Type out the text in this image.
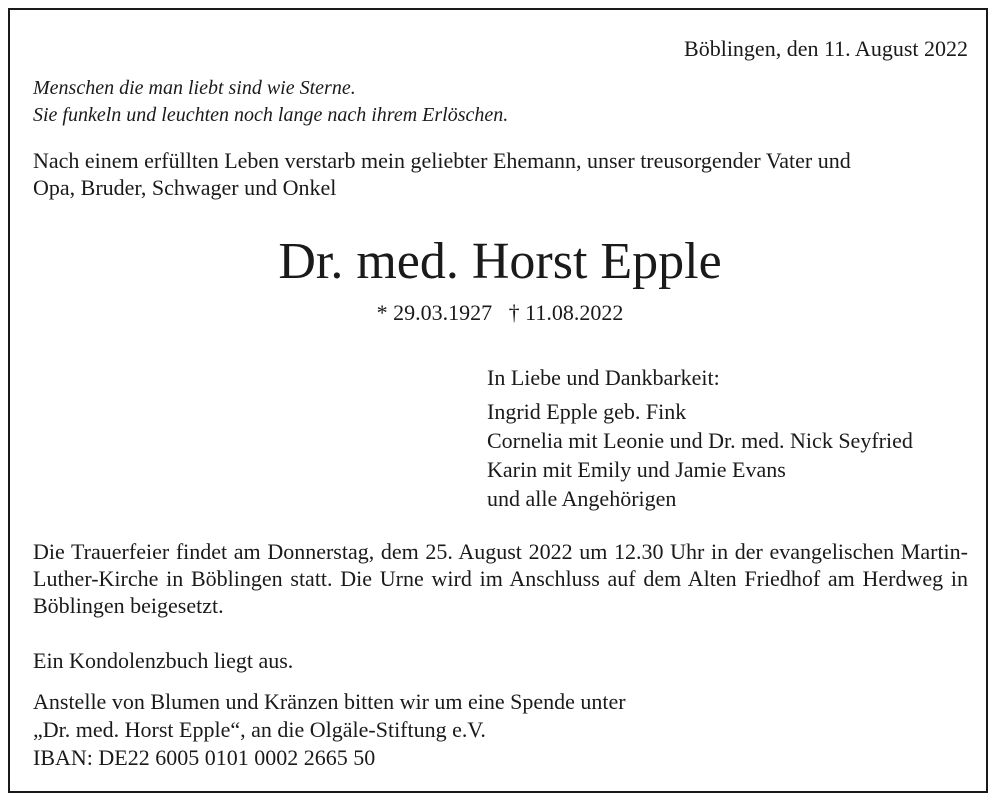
Böblingen, den 11. August 2022
Menschen die man liebt sind wie Sterne.
Sie funkeln und leuchten noch lange nach ihrem Erlöschen.
Nach einem erfüllten Leben verstarb mein geliebter Ehemann, unser treusorgender Vater und
Opa, Bruder, Schwager und Onkel
Dr. med. Horst Epple
* 29.03.1927   † 11.08.2022
In Liebe und Dankbarkeit:
Ingrid Epple geb. Fink
Cornelia mit Leonie und Dr. med. Nick Seyfried
Karin mit Emily und Jamie Evans
und alle Angehörigen
Die Trauerfeier findet am Donnerstag, dem 25. August 2022 um 12.30 Uhr in der evangelischen Martin-Luther-Kirche in Böblingen statt. Die Urne wird im Anschluss auf dem Alten Friedhof am Herdweg in Böblingen beigesetzt.
Ein Kondolenzbuch liegt aus.
Anstelle von Blumen und Kränzen bitten wir um eine Spende unter
„Dr. med. Horst Epple“, an die Olgäle-Stiftung e.V.
IBAN: DE22 6005 0101 0002 2665 50
